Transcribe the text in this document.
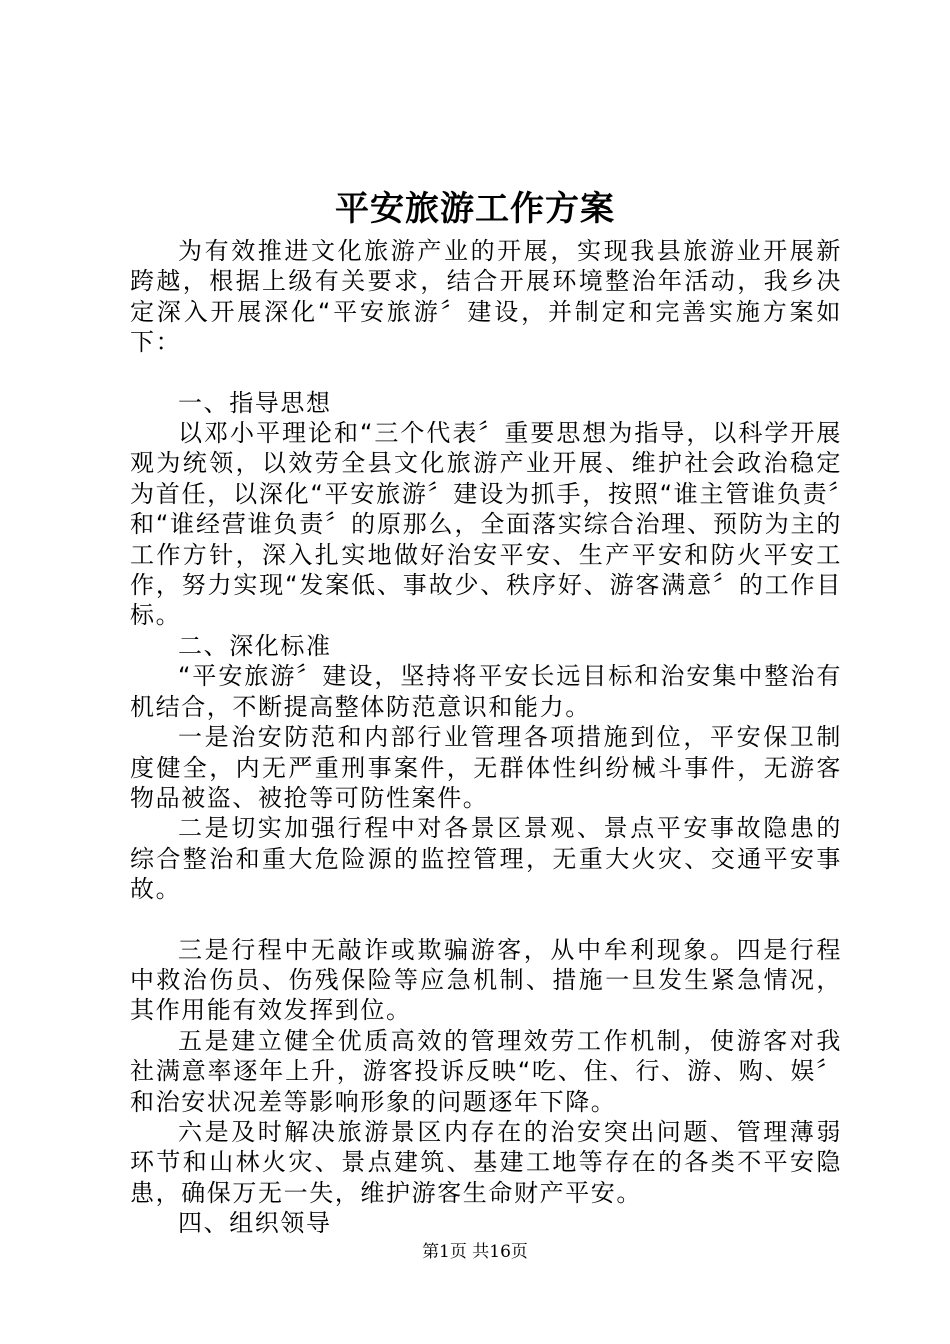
平安旅游工作方案

为有效推进文化旅游产业的开展，实现我县旅游业开展新跨越，根据上级有关要求，结合开展环境整治年活动，我乡决定深入开展深化“平安旅游〞建设，并制定和完善实施方案如下：

一、指导思想

以邓小平理论和“三个代表〞重要思想为指导，以科学开展观为统领，以效劳全县文化旅游产业开展、维护社会政治稳定为首任，以深化“平安旅游〞建设为抓手，按照“谁主管谁负责〞和“谁经营谁负责〞的原那么，全面落实综合治理、预防为主的工作方针，深入扎实地做好治安平安、生产平安和防火平安工作，努力实现“发案低、事故少、秩序好、游客满意〞的工作目标。

二、深化标准

“平安旅游〞建设，坚持将平安长远目标和治安集中整治有机结合，不断提高整体防范意识和能力。

一是治安防范和内部行业管理各项措施到位，平安保卫制度健全，内无严重刑事案件，无群体性纠纷械斗事件，无游客物品被盗、被抢等可防性案件。

二是切实加强行程中对各景区景观、景点平安事故隐患的综合整治和重大危险源的监控管理，无重大火灾、交通平安事故。

三是行程中无敲诈或欺骗游客，从中牟利现象。四是行程中救治伤员、伤残保险等应急机制、措施一旦发生紧急情况，其作用能有效发挥到位。

五是建立健全优质高效的管理效劳工作机制，使游客对我社满意率逐年上升，游客投诉反映“吃、住、行、游、购、娱〞和治安状况差等影响形象的问题逐年下降。

六是及时解决旅游景区内存在的治安突出问题、管理薄弱环节和山林火灾、景点建筑、基建工地等存在的各类不平安隐患，确保万无一失，维护游客生命财产平安。

四、组织领导

第1页 共16页
